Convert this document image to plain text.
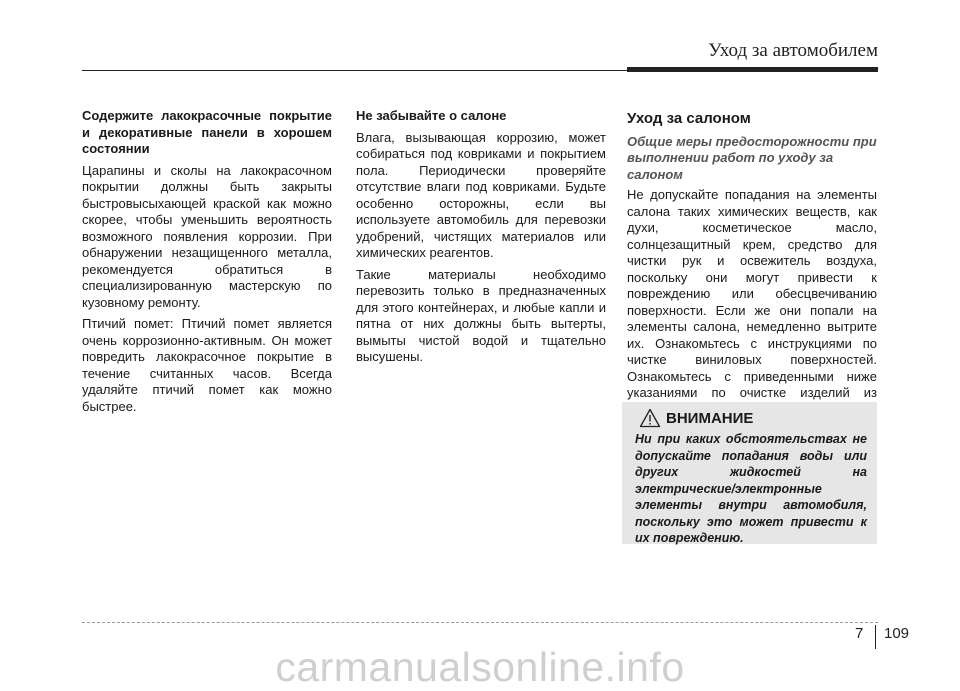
Уход за автомобилем
Содержите лакокрасочные покрытие и декоративные панели в хорошем состоянии
Царапины и сколы на лакокрасочном покрытии должны быть закрыты быстровысыхающей краской как можно скорее, чтобы уменьшить вероятность возможного появления коррозии. При обнаружении незащищенного металла, рекомендуется обратиться в специализированную мастерскую по кузовному ремонту.
Птичий помет: Птичий помет является очень коррозионно-активным. Он может повредить лакокрасочное покрытие в течение считанных часов. Всегда удаляйте птичий помет как можно быстрее.
Не забывайте о салоне
Влага, вызывающая коррозию, может собираться под ковриками и покрытием пола. Периодически проверяйте отсутствие влаги под ковриками. Будьте особенно осторожны, если вы используете автомобиль для перевозки удобрений, чистящих материалов или химических реагентов.
Такие материалы необходимо перевозить только в предназначенных для этого контейнерах, и любые капли и пятна от них должны быть вытерты, вымыты чистой водой и тщательно высушены.
Уход за салоном
Общие меры предосторожности при выполнении работ по уходу за салоном
Не допускайте попадания на элементы салона таких химических веществ, как духи, косметическое масло, солнцезащитный крем, средство для чистки рук и освежитель воздуха, поскольку они могут привести к повреждению или обесцвечиванию поверхности. Если же они попали на элементы салона, немедленно вытрите их. Ознакомьтесь с инструкциями по чистке виниловых поверхностей. Ознакомьтесь с приведенными ниже указаниями по очистке изделий из
ВНИМАНИЕ
Ни при каких обстоятельствах не допускайте попадания воды или других жидкостей на электрические/электронные элементы внутри автомобиля, поскольку это может привести к их повреждению.
7 109
carmanualsonline.info
